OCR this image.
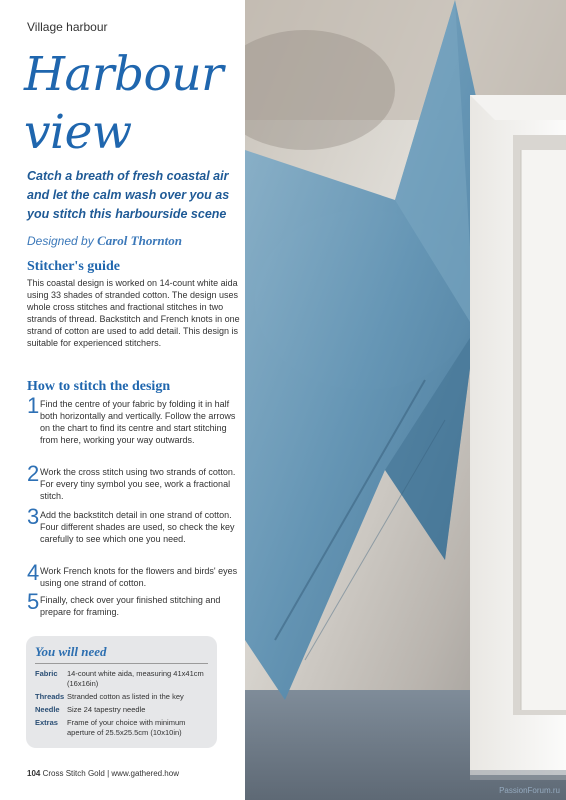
Village harbour
Harbour
view
Catch a breath of fresh coastal air and let the calm wash over you as you stitch this harbourside scene
Designed by Carol Thornton
Stitcher's guide
This coastal design is worked on 14-count white aida using 33 shades of stranded cotton. The design uses whole cross stitches and fractional stitches in two strands of thread. Backstitch and French knots in one strand of cotton are used to add detail. This design is suitable for experienced stitchers.
How to stitch the design
1 Find the centre of your fabric by folding it in half both horizontally and vertically. Follow the arrows on the chart to find its centre and start stitching from here, working your way outwards.
2 Work the cross stitch using two strands of cotton. For every tiny symbol you see, work a fractional stitch.
3 Add the backstitch detail in one strand of cotton. Four different shades are used, so check the key carefully to see which one you need.
4 Work French knots for the flowers and birds' eyes using one strand of cotton.
5 Finally, check over your finished stitching and prepare for framing.
You will need
Fabric	14-count white aida, measuring 41x41cm (16x16in)
Threads Stranded cotton as listed in the key
Needle Size 24 tapestry needle
Extras	Frame of your choice with minimum aperture of 25.5x25.5cm (10x10in)
104 Cross Stitch Gold | www.gathered.how
PassionForum.ru
